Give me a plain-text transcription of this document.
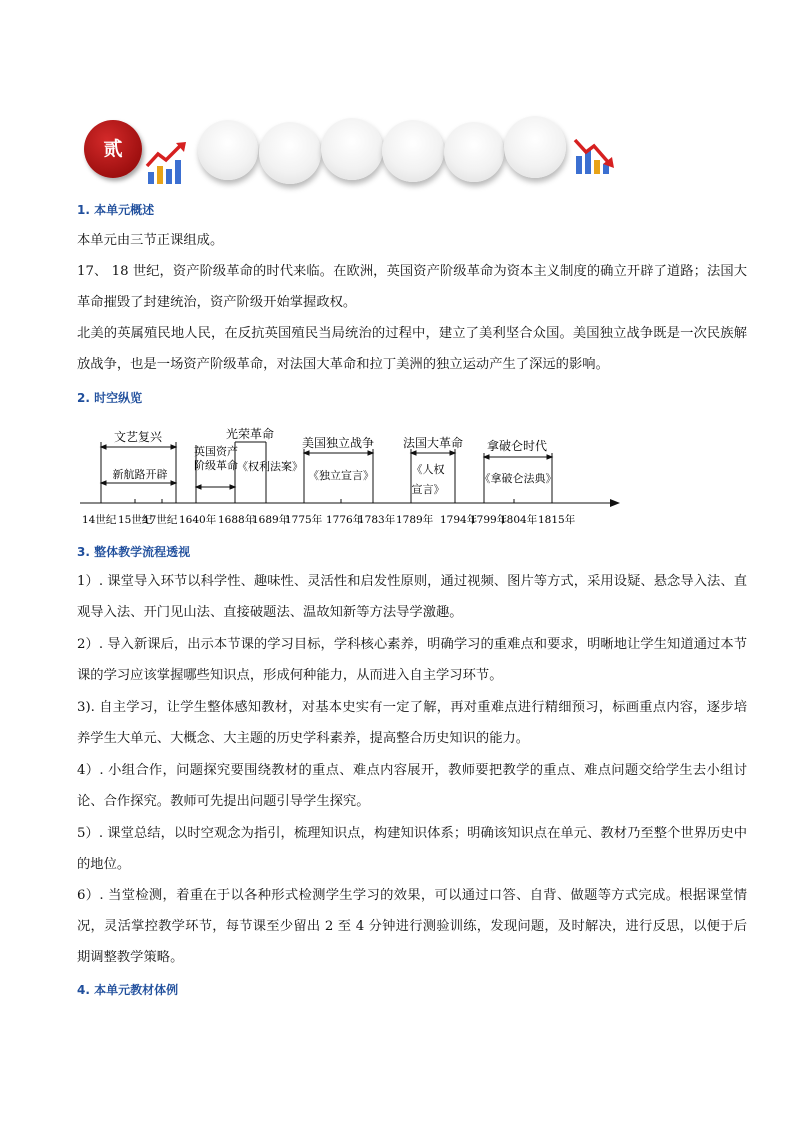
贰
1. 本单元概述

本单元由三节正课组成。

17、 18 世纪，资产阶级革命的时代来临。在欧洲，英国资产阶级革命为资本主义制度的确立开辟了道路；法国大革命摧毁了封建统治，资产阶级开始掌握政权。

北美的英属殖民地人民，在反抗英国殖民当局统治的过程中，建立了美利坚合众国。美国独立战争既是一次民族解放战争，也是一场资产阶级革命，对法国大革命和拉丁美洲的独立运动产生了深远的影响。

2. 时空纵览
文艺复兴
新航路开辟
英国资产
阶级革命
光荣革命
《权利法案》
美国独立战争
《独立宣言》
法国大革命
《人权
宣言》
拿破仑时代
《拿破仑法典》
14世纪 15世纪
17世纪 1640年 1688年
1689年
1775年 1776年
1783年 1789年 1794年
1799年
1804年 1815年
3. 整体教学流程透视

1）. 课堂导入环节以科学性、趣味性、灵活性和启发性原则，通过视频、图片等方式，采用设疑、悬念导入法、直观导入法、开门见山法、直接破题法、温故知新等方法导学激趣。

2）. 导入新课后，出示本节课的学习目标，学科核心素养，明确学习的重难点和要求，明晰地让学生知道通过本节课的学习应该掌握哪些知识点，形成何种能力，从而进入自主学习环节。

3). 自主学习，让学生整体感知教材，对基本史实有一定了解，再对重难点进行精细预习，标画重点内容，逐步培养学生大单元、大概念、大主题的历史学科素养，提高整合历史知识的能力。

4）. 小组合作，问题探究要围绕教材的重点、难点内容展开，教师要把教学的重点、难点问题交给学生去小组讨论、合作探究。教师可先提出问题引导学生探究。

5）. 课堂总结，以时空观念为指引，梳理知识点，构建知识体系；明确该知识点在单元、教材乃至整个世界历史中的地位。

6）. 当堂检测，着重在于以各种形式检测学生学习的效果，可以通过口答、自背、做题等方式完成。根据课堂情况，灵活掌控教学环节，每节课至少留出 2 至 4 分钟进行测验训练，发现问题，及时解决，进行反思，以便于后期调整教学策略。

4. 本单元教材体例
